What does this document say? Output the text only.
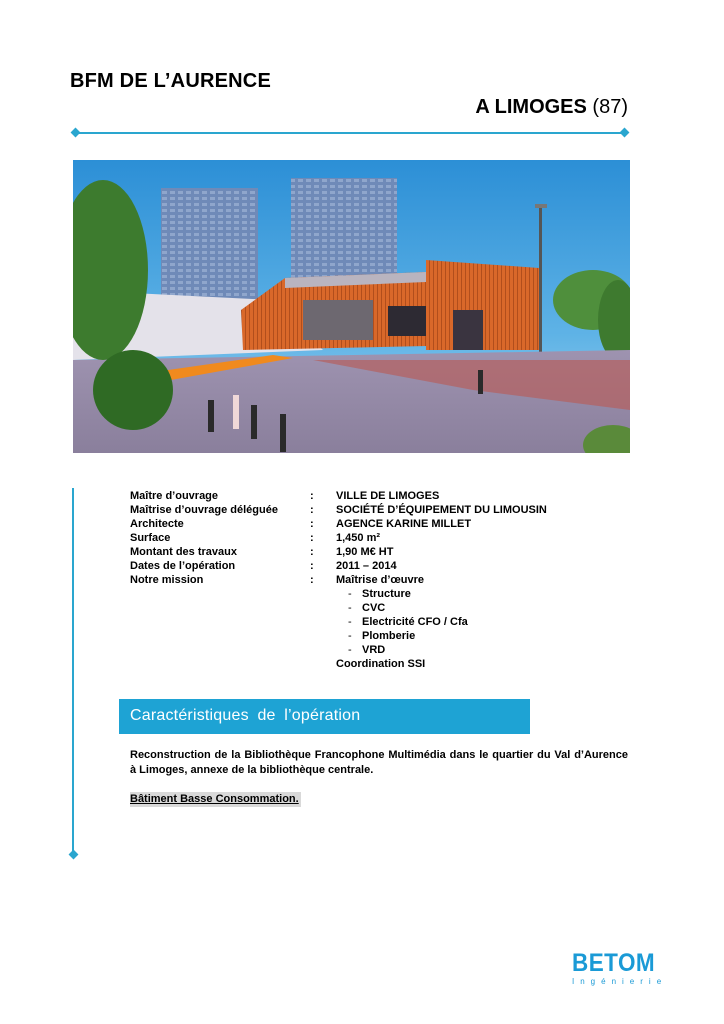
BFM DE L’AURENCE
A LIMOGES (87)
Maître d’ouvrage	: VILLE DE LIMOGES
Maîtrise d’ouvrage déléguée	: SOCIÉTÉ D’ÉQUIPEMENT DU LIMOUSIN
Architecte	: AGENCE KARINE MILLET
Surface	: 1,450 m²
Montant des travaux	: 1,90 M€ HT
Dates de l’opération	: 2011 – 2014
Notre mission	: Maîtrise d’œuvre
- Structure
- CVC
- Electricité CFO / Cfa
- Plomberie
- VRD
Coordination SSI
Caractéristiques de l’opération
Reconstruction de la Bibliothèque Francophone Multimédia dans le quartier du Val d’Aurence à Limoges, annexe de la bibliothèque centrale.
Bâtiment Basse Consommation.
BETOM
Ingénierie
